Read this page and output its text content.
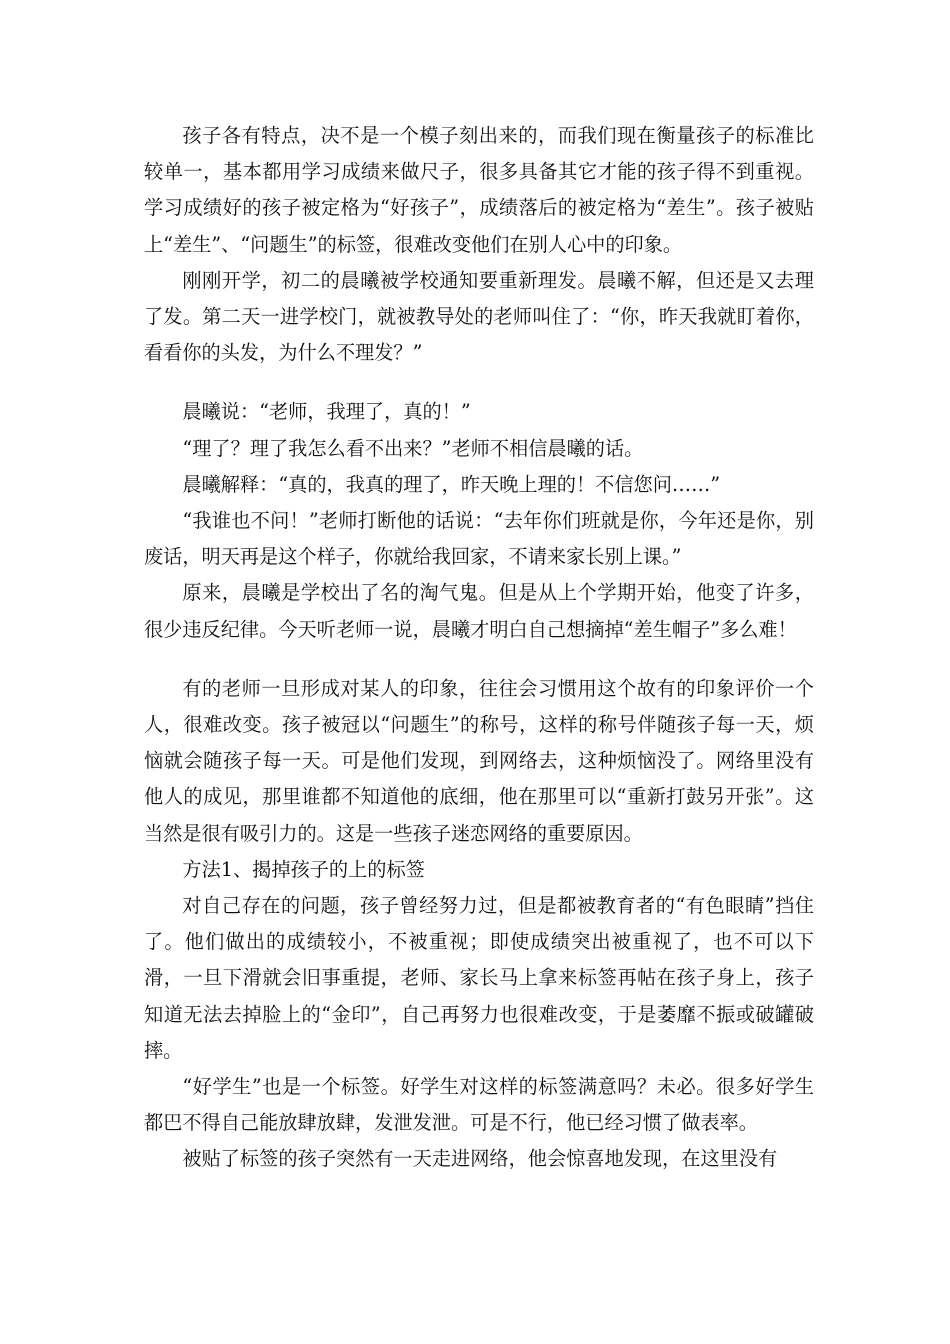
孩子各有特点，决不是一个模子刻出来的，而我们现在衡量孩子的标准比较单一，基本都用学习成绩来做尺子，很多具备其它才能的孩子得不到重视。学习成绩好的孩子被定格为“好孩子”，成绩落后的被定格为“差生”。孩子被贴上“差生”、“问题生”的标签，很难改变他们在别人心中的印象。

刚刚开学，初二的晨曦被学校通知要重新理发。晨曦不解，但还是又去理了发。第二天一进学校门，就被教导处的老师叫住了：“你，昨天我就盯着你，看看你的头发，为什么不理发？”

晨曦说：“老师，我理了，真的！”

“理了？理了我怎么看不出来？”老师不相信晨曦的话。

晨曦解释：“真的，我真的理了，昨天晚上理的！不信您问……”

“我谁也不问！”老师打断他的话说：“去年你们班就是你，今年还是你，别废话，明天再是这个样子，你就给我回家，不请来家长别上课。”

原来，晨曦是学校出了名的淘气鬼。但是从上个学期开始，他变了许多，很少违反纪律。今天听老师一说，晨曦才明白自己想摘掉“差生帽子”多么难！

有的老师一旦形成对某人的印象，往往会习惯用这个故有的印象评价一个人，很难改变。孩子被冠以“问题生”的称号，这样的称号伴随孩子每一天，烦恼就会随孩子每一天。可是他们发现，到网络去，这种烦恼没了。网络里没有他人的成见，那里谁都不知道他的底细，他在那里可以“重新打鼓另开张”。这当然是很有吸引力的。这是一些孩子迷恋网络的重要原因。

方法1、揭掉孩子的上的标签

对自己存在的问题，孩子曾经努力过，但是都被教育者的“有色眼睛”挡住了。他们做出的成绩较小，不被重视；即使成绩突出被重视了，也不可以下滑，一旦下滑就会旧事重提，老师、家长马上拿来标签再帖在孩子身上，孩子知道无法去掉脸上的“金印”，自己再努力也很难改变，于是萎靡不振或破罐破摔。

“好学生”也是一个标签。好学生对这样的标签满意吗？未必。很多好学生都巴不得自己能放肆放肆，发泄发泄。可是不行，他已经习惯了做表率。

被贴了标签的孩子突然有一天走进网络，他会惊喜地发现，在这里没有
